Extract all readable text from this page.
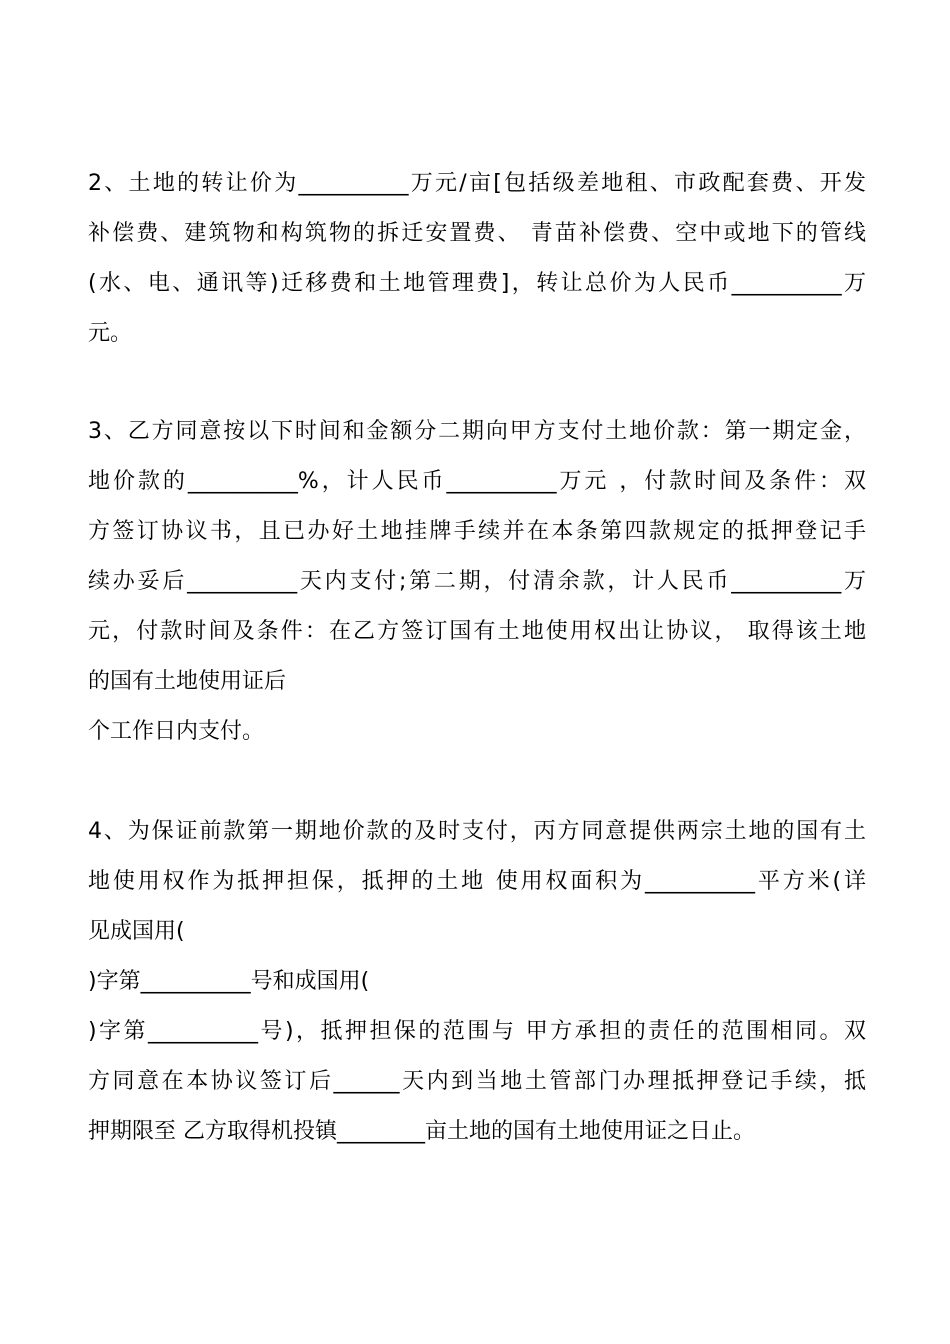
2、土地的转让价为__________万元/亩[包括级差地租、市政配套费、开发
补偿费、建筑物和构筑物的拆迁安置费、 青苗补偿费、空中或地下的管线
(水、电、通讯等)迁移费和土地管理费]，转让总价为人民币__________万
元。
3、乙方同意按以下时间和金额分二期向甲方支付土地价款：第一期定金，
地价款的__________%，计人民币__________万元 ，付款时间及条件：双
方签订协议书，且已办好土地挂牌手续并在本条第四款规定的抵押登记手
续办妥后__________天内支付;第二期，付清余款，计人民币__________万
元，付款时间及条件：在乙方签订国有土地使用权出让协议， 取得该土地
的国有土地使用证后
个工作日内支付。
4、为保证前款第一期地价款的及时支付，丙方同意提供两宗土地的国有土
地使用权作为抵押担保，抵押的土地 使用权面积为__________平方米(详
见成国用(
)字第__________号和成国用(
)字第__________号)，抵押担保的范围与 甲方承担的责任的范围相同。双
方同意在本协议签订后______天内到当地土管部门办理抵押登记手续，抵
押期限至 乙方取得机投镇________亩土地的国有土地使用证之日止。
